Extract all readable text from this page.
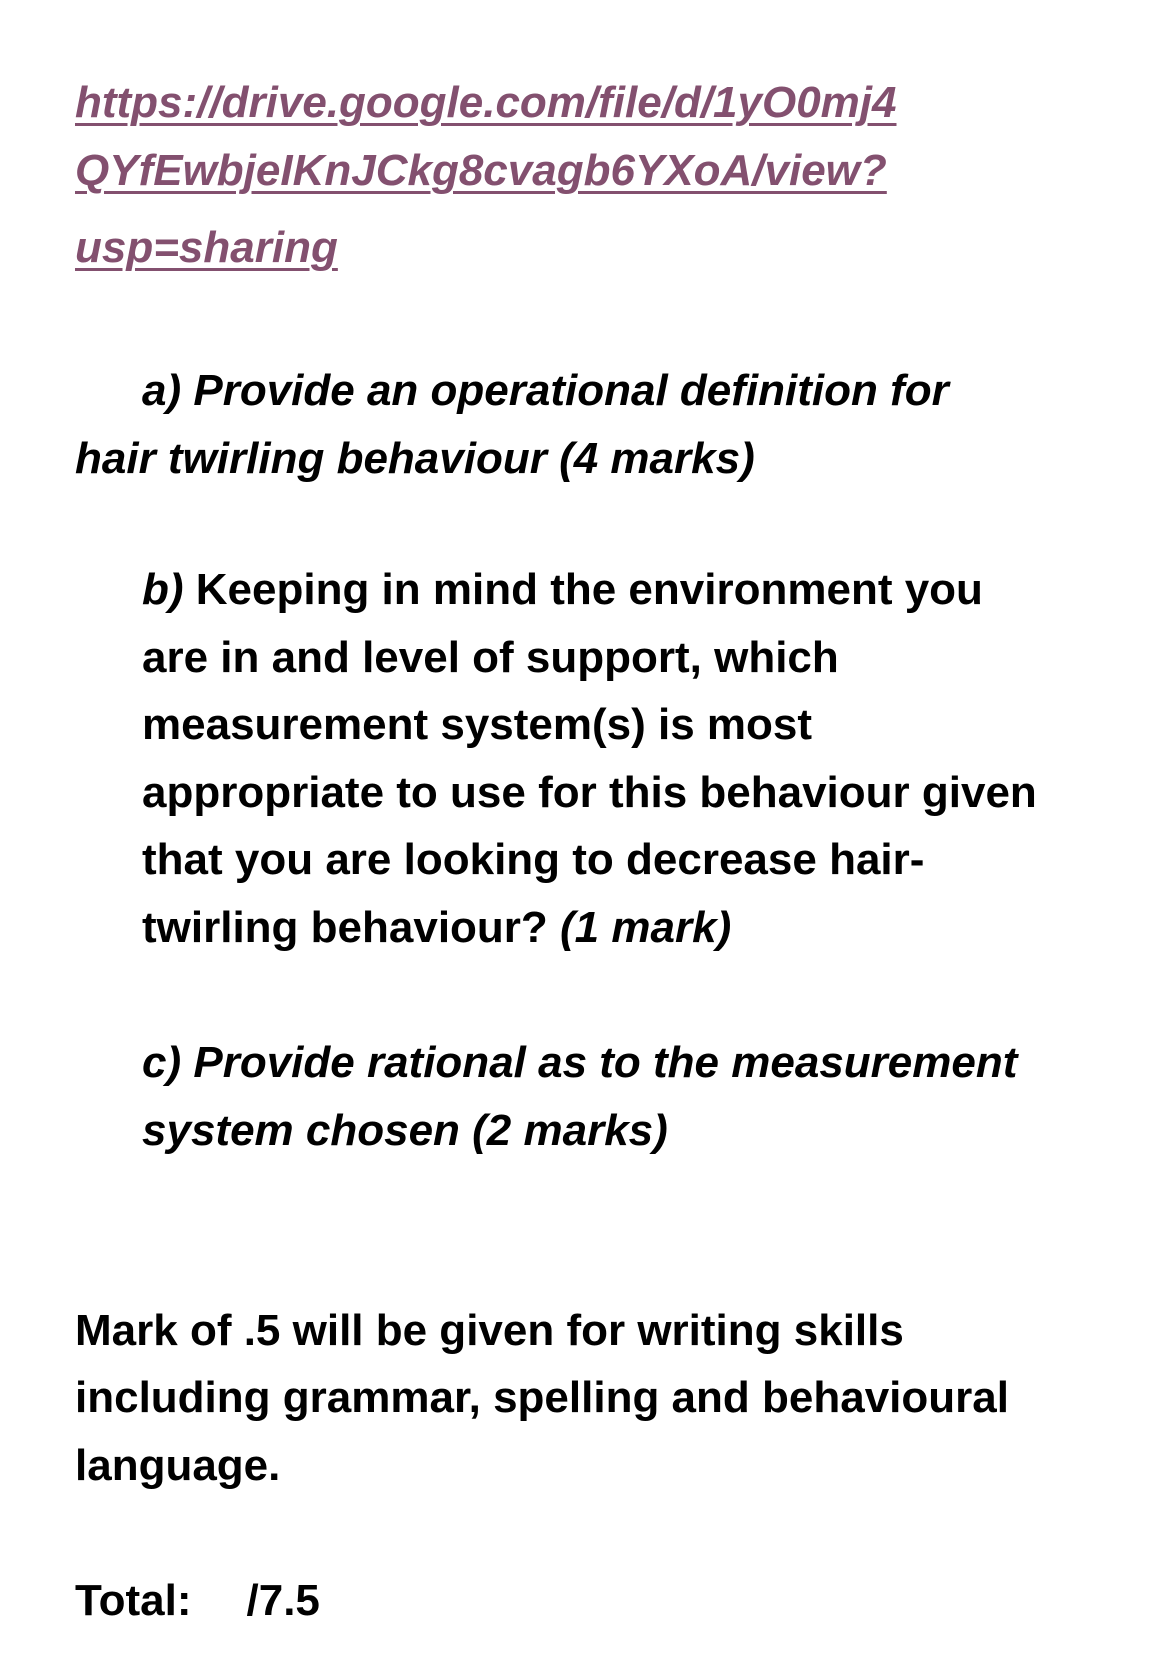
https://drive.google.com/file/d/1yO0mj4
QYfEwbjeIKnJCkg8cvagb6YXoA/view?
usp=sharing
a) Provide an operational definition for
hair twirling behaviour (4 marks)
b) Keeping in mind the environment you
are in and level of support, which
measurement system(s) is most
appropriate to use for this behaviour given
that you are looking to decrease hair-
twirling behaviour? (1 mark)
c) Provide rational as to the measurement
system chosen (2 marks)
Mark of .5 will be given for writing skills
including grammar, spelling and behavioural
language.
Total: /7.5
